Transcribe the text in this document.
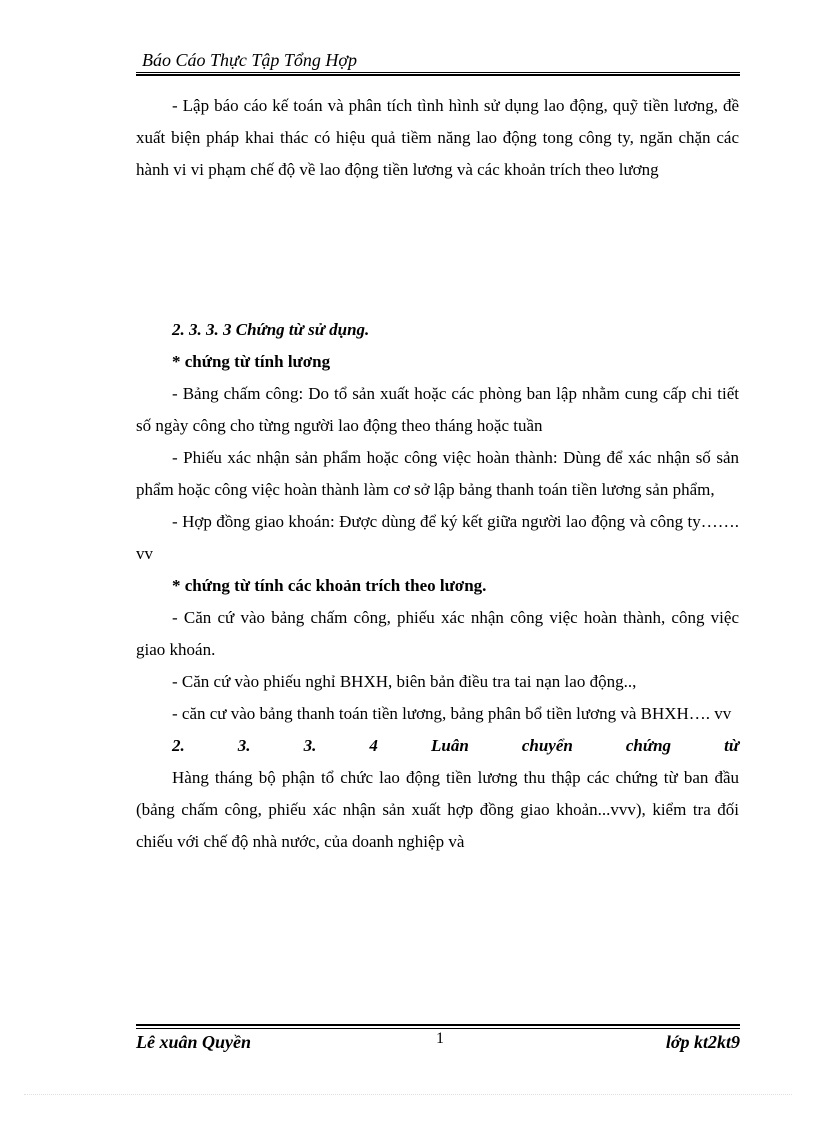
Báo Cáo Thực Tập Tổng Hợp

- Lập báo cáo kế toán và phân tích tình hình sử dụng lao động, quỹ tiền lương, đề xuất biện pháp khai thác có hiệu quả tiềm năng lao động tong công ty, ngăn chặn các hành vi vi phạm chế độ về lao động tiền lương và các khoản trích theo lương

2. 3. 3. 3 Chứng từ sử dụng.

* chứng từ tính lương

- Bảng chấm công: Do tổ sản xuất hoặc các phòng ban lập nhằm cung cấp chi tiết số ngày công cho từng người lao động theo tháng hoặc tuần

- Phiếu xác nhận sản phẩm hoặc công việc hoàn thành: Dùng để xác nhận số sản phẩm hoặc công việc hoàn thành làm cơ sở lập bảng thanh toán tiền lương sản phẩm,

- Hợp đồng giao khoán: Được dùng để ký kết giữa người lao động và công ty……. vv

* chứng từ tính các khoản trích theo lương.

- Căn cứ vào bảng chấm công, phiếu xác nhận công việc hoàn thành, công việc giao khoán.

- Căn cứ vào phiếu nghỉ BHXH, biên bản điều tra tai nạn lao động..,

- căn cư vào bảng thanh toán tiền lương, bảng phân bổ tiền lương và BHXH…. vv

2. 3. 3. 4 Luân chuyển chứng từ

Hàng tháng bộ phận tổ chức lao động tiền lương thu thập các chứng từ ban đầu (bảng chấm công, phiếu xác nhận sản xuất hợp đồng giao khoản...vvv), kiểm tra đối chiếu với chế độ nhà nước, của doanh nghiệp và

Lê xuân Quyền	1	lớp kt2kt9
